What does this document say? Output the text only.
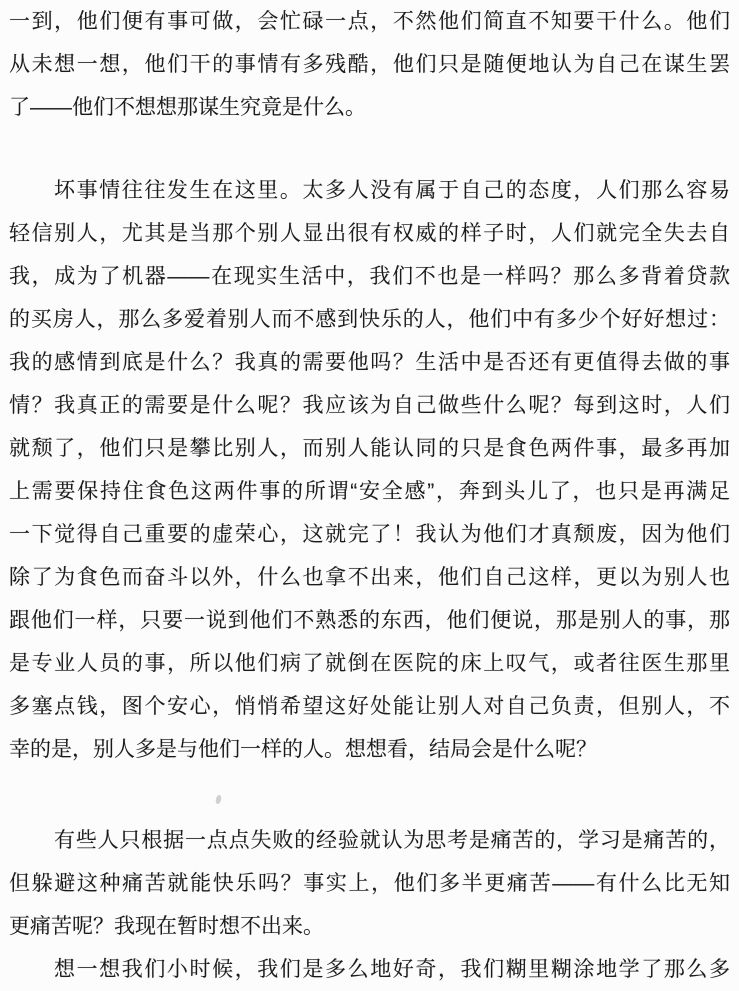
一到，他们便有事可做，会忙碌一点，不然他们简直不知要干什么。他们
从未想一想，他们干的事情有多残酷，他们只是随便地认为自己在谋生罢
了——他们不想想那谋生究竟是什么。
坏事情往往发生在这里。太多人没有属于自己的态度，人们那么容易
轻信别人，尤其是当那个别人显出很有权威的样子时，人们就完全失去自
我，成为了机器——在现实生活中，我们不也是一样吗？那么多背着贷款
的买房人，那么多爱着别人而不感到快乐的人，他们中有多少个好好想过：
我的感情到底是什么？我真的需要他吗？生活中是否还有更值得去做的事
情？我真正的需要是什么呢？我应该为自己做些什么呢？每到这时，人们
就颓了，他们只是攀比别人，而别人能认同的只是食色两件事，最多再加
上需要保持住食色这两件事的所谓“安全感”，奔到头儿了，也只是再满足
一下觉得自己重要的虚荣心，这就完了！我认为他们才真颓废，因为他们
除了为食色而奋斗以外，什么也拿不出来，他们自己这样，更以为别人也
跟他们一样，只要一说到他们不熟悉的东西，他们便说，那是别人的事，那
是专业人员的事，所以他们病了就倒在医院的床上叹气，或者往医生那里
多塞点钱，图个安心，悄悄希望这好处能让别人对自己负责，但别人，不
幸的是，别人多是与他们一样的人。想想看，结局会是什么呢？
有些人只根据一点点失败的经验就认为思考是痛苦的，学习是痛苦的，
但躲避这种痛苦就能快乐吗？事实上，他们多半更痛苦——有什么比无知
更痛苦呢？我现在暂时想不出来。
想一想我们小时候，我们是多么地好奇，我们糊里糊涂地学了那么多
